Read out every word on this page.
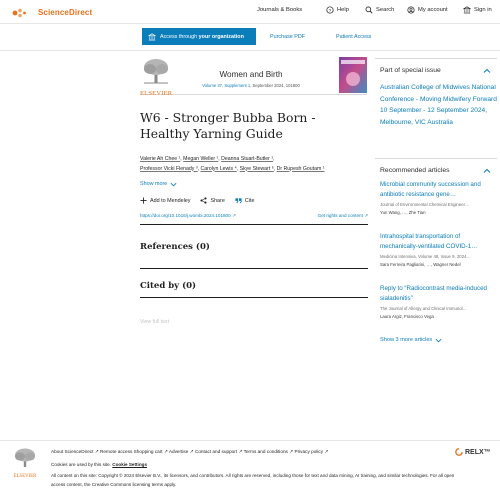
ScienceDirect	Journals & Books	? Help	Search	My account	Sign in
Access through your organization	Purchase PDF	Patient Access
ELSEVIER
Women and Birth
Volume 37, Supplement 1, September 2024, 101800
W6 - Stronger Bubba Born - Healthy Yarning Guide
Valerie Ah Chee ¹, Megan Weller ¹, Deanna Stuart-Butler ¹,
Professor Vicki Flenady ³, Carolyn Lewis ⁴, Skye Stewart ⁶, Dr Rupesh Goutam ¹
Show more
Add to Mendeley	Share	Cite
https://doi.org/10.1016/j.wombi.2024.101800 ↗	Get rights and content ↗
References (0)
Cited by (0)
View full text
Part of special issue
Australian College of Midwives National Conference - Moving Midwifery Forward 10 September - 12 September 2024, Melbourne, VIC Australia
Recommended articles
Microbial community succession and antibiotic resistance gene…
Journal of Environmental Chemical Engineer…
Yun Wang, …, Zhe Tian
Intrahospital transportation of mechanically-ventilated COVID-1…
Medicina Intensiva, Volume 48, Issue 9, 2024…
Sara Ferreira Pagliarini, …, Wagner Nedel
Reply to “Radiocontrast media-induced sialadenitis”
The Journal of Allergy and Clinical Immunol…
Laura Argiz, Francisco Vega
Show 3 more articles
ELSEVIER
About ScienceDirect ↗ Remote access Shopping cart ↗ Advertise ↗ Contact and support ↗ Terms and conditions ↗ Privacy policy ↗
Cookies are used by this site. Cookie Settings
All content on this site: Copyright © 2024 Elsevier B.V., its licensors, and contributors. All rights are reserved, including those for text and data mining, AI training, and similar technologies. For all open access content, the Creative Commons licensing terms apply.
RELX™
